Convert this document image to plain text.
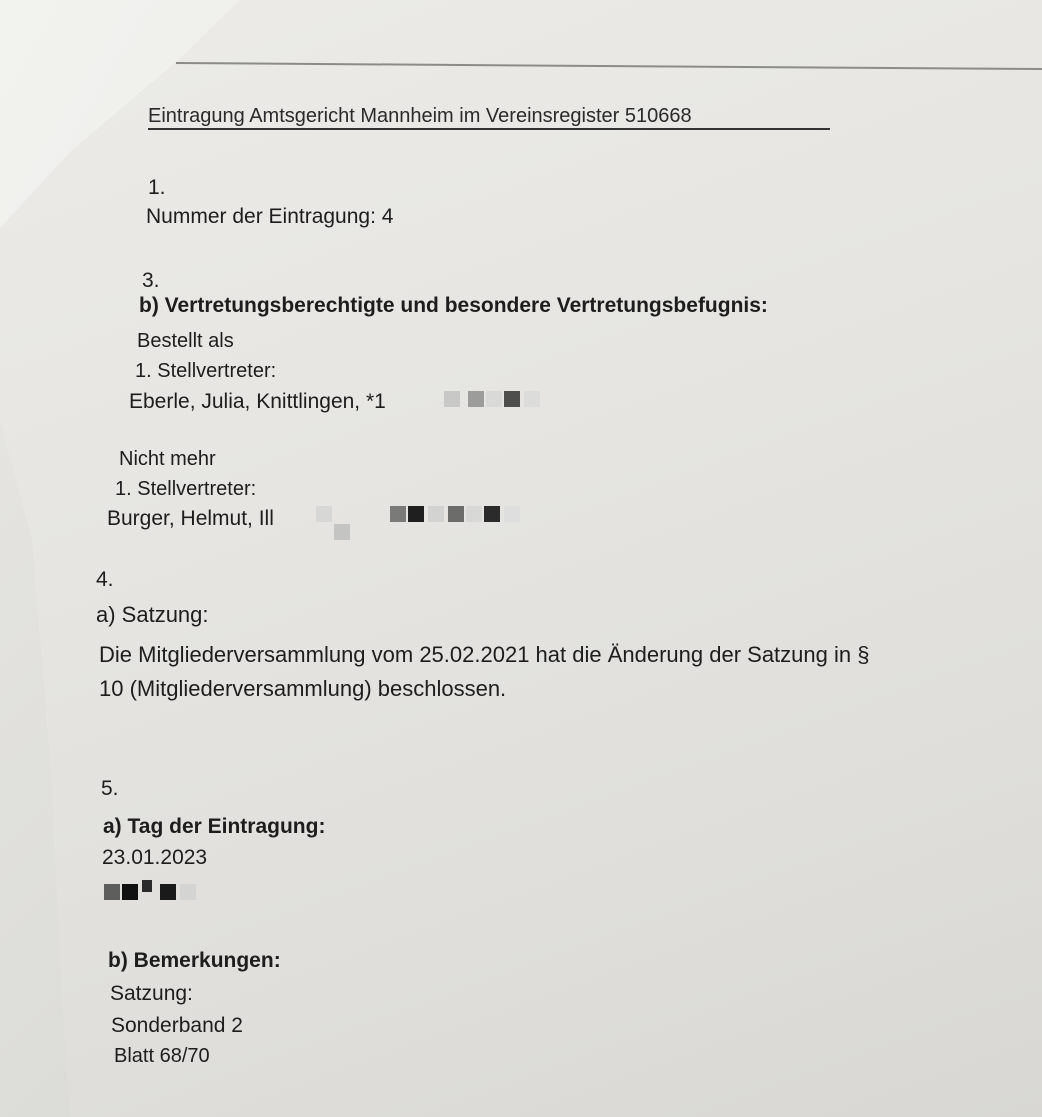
Eintragung Amtsgericht Mannheim im Vereinsregister 510668
1.
Nummer der Eintragung: 4
3.
b) Vertretungsberechtigte und besondere Vertretungsbefugnis:
Bestellt als
1. Stellvertreter:
Eberle, Julia, Knittlingen, *1
Nicht mehr
1. Stellvertreter:
Burger, Helmut, Ill
4.
a) Satzung:
Die Mitgliederversammlung vom 25.02.2021 hat die Änderung der Satzung in §
10 (Mitgliederversammlung) beschlossen.
5.
a) Tag der Eintragung:
23.01.2023
b) Bemerkungen:
Satzung:
Sonderband 2
Blatt 68/70
